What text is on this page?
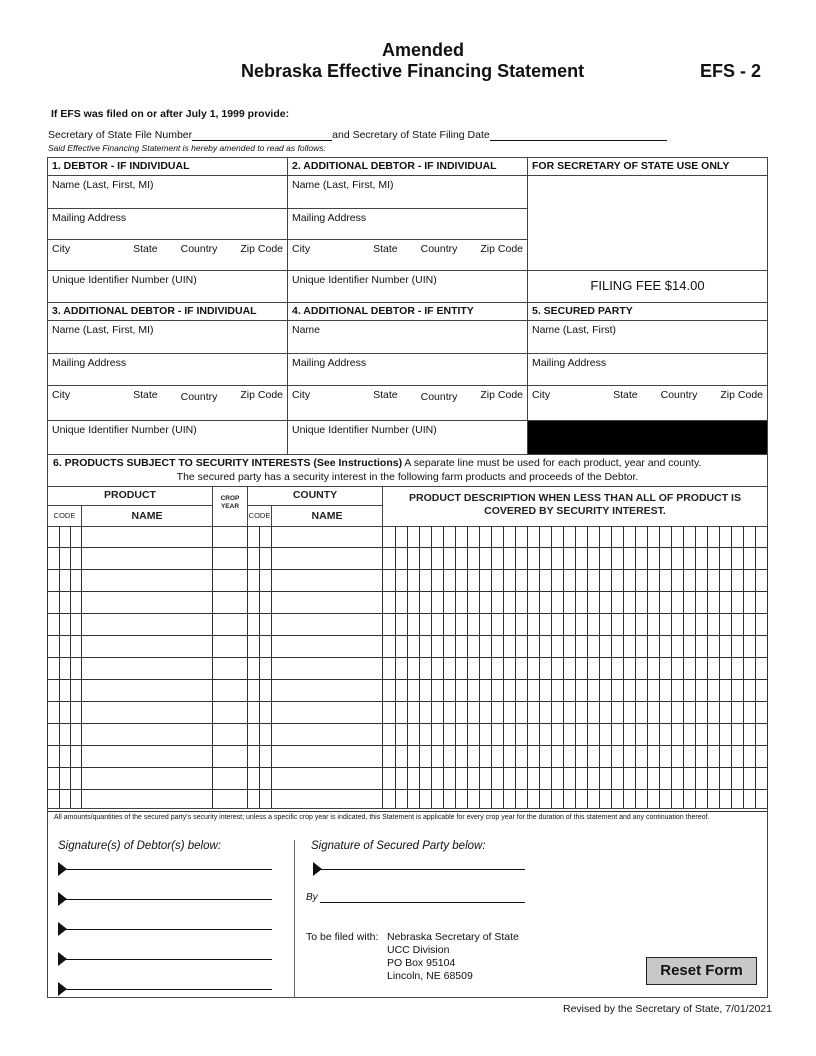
Amended
Nebraska Effective Financing Statement	EFS - 2
If EFS was filed on or after July 1, 1999 provide:
Secretary of State File Number	and Secretary of State Filing Date
Said Effective Financing Statement is hereby amended to read as follows:
1. DEBTOR - IF INDIVIDUAL
Name (Last, First, MI)
Mailing Address
City	State Country Zip Code
Unique Identifier Number (UIN)
2. ADDITIONAL DEBTOR - IF INDIVIDUAL
Name (Last, First, MI)
Mailing Address
City	State Country Zip Code
Unique Identifier Number (UIN)
FOR SECRETARY OF STATE USE ONLY
FILING FEE $14.00
3. ADDITIONAL DEBTOR - IF INDIVIDUAL
Name (Last, First, MI)
Mailing Address
City	State Country Zip Code
Unique Identifier Number (UIN)
4. ADDITIONAL DEBTOR - IF ENTITY
Name
Mailing Address
City	State Country Zip Code
Unique Identifier Number (UIN)
5. SECURED PARTY
Name (Last, First)
Mailing Address
City	State Country Zip Code
6. PRODUCTS SUBJECT TO SECURITY INTERESTS (See Instructions) A separate line must be used for each product, year and county.
The secured party has a security interest in the following farm products and proceeds of the Debtor.
PRODUCT
CODE	NAME
CROP YEAR
COUNTY
CODE	NAME
PRODUCT DESCRIPTION WHEN LESS THAN ALL OF PRODUCT IS COVERED BY SECURITY INTEREST.
All amounts/quantities of the secured party's security interest; unless a specific crop year is indicated, this Statement is applicable for every crop year for the duration of this statement and any continuation thereof.
Signature(s) of Debtor(s) below:	Signature of Secured Party below:
By
To be filed with: Nebraska Secretary of State
UCC Division
PO Box 95104
Lincoln, NE 68509	Reset Form
Revised by the Secretary of State, 7/01/2021
